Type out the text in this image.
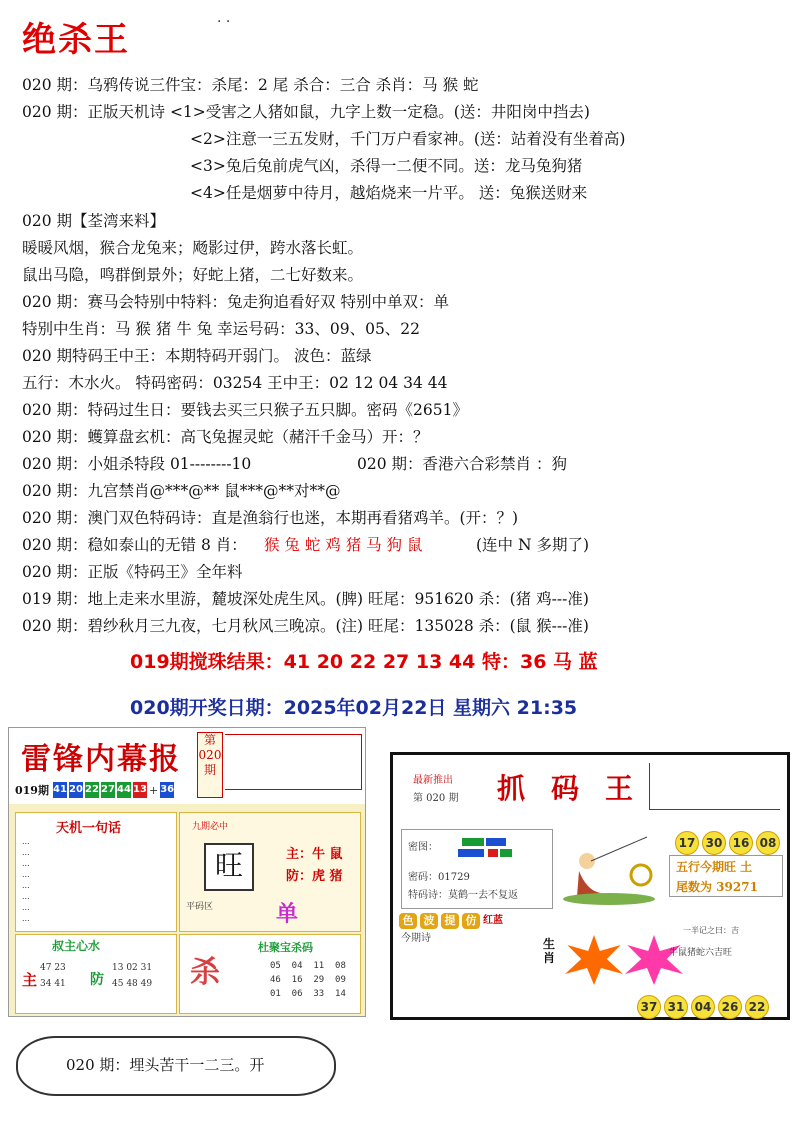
绝杀王	· ·
020 期：乌鸦传说三件宝：杀尾：2 尾 杀合：三合 杀肖：马 猴 蛇
020 期：正版天机诗 <1>受害之人猪如鼠，九字上数一定稳。(送：井阳岗中挡去)
<2>注意一三五发财，千门万户看家神。(送：站着没有坐着高)
<3>兔后兔前虎气凶，杀得一二便不同。送：龙马兔狗猪
<4>任是烟萝中待月，越焰烧来一片平。 送：兔猴送财来
020 期【荃湾来料】
暖暖风烟，猴合龙兔来；飏影过伊，跨水落长虹。
鼠出马隐，鸣群倒景外；好蛇上猪，二七好数来。
020 期：赛马会特别中特料：兔走狗追看好双 特别中单双：单
特别中生肖：马 猴 猪 牛 兔 幸运号码：33、09、05、22
020 期特码王中王：本期特码开弱门。 波色：蓝绿
五行：木水火。 特码密码：03254 王中王：02 12 04 34 44
020 期：特码过生日：要钱去买三只猴子五只脚。密码《2651》
020 期：蠖算盘玄机：高飞兔握灵蛇（赭汗千金马）开：？
020 期：小姐杀特段 01--------10	020 期：香港六合彩禁肖 ：狗
020 期：九宫禁肖@***@** 鼠***@**对**@
020 期：澳门双色特码诗：直是渔翁行也迷，本期再看猪鸡羊。(开：？)
020 期：稳如泰山的无错 8 肖： 猴 兔 蛇 鸡 猪 马 狗 鼠	(连中 N 多期了)
020 期：正版《特码王》全年料
019 期：地上走来水里游，麓坡深处虎生风。(脾) 旺尾：951620 杀：(猪 鸡---准)
020 期：碧纱秋月三九夜，七月秋风三晚凉。(注) 旺尾：135028 杀：(鼠 猴---准)
019期搅珠结果：41 20 22 27 13 44 特：36 马 蓝
020期开奖日期：2025年02月22日 星期六 21:35
雷锋内幕报
第 020 期
019期 41 20 22 27 44 13 + 36
天机一句话
...
...
...
...
...
...
...
...
九期必中
旺	主：牛 鼠
防：虎 猪
平码区	单
叔主心水
主	防
47 23
34 41
13 02 31
45 48 49 杀
杜聚宝杀码
05  04  11  08
46  16  29  09
01  06  33  14
最新推出
第 020 期 抓码王
密图：
密码：01729
特码诗：莫鹤一去不复返
17 30 16 08
五行今期旺 土
尾数为 39271
色 波 提 仿 红蓝
今期诗	生肖
一半记之曰：吉
牛鼠猪蛇六吉旺
37 31 04 26 22
020 期：埋头苦干一二三。开
